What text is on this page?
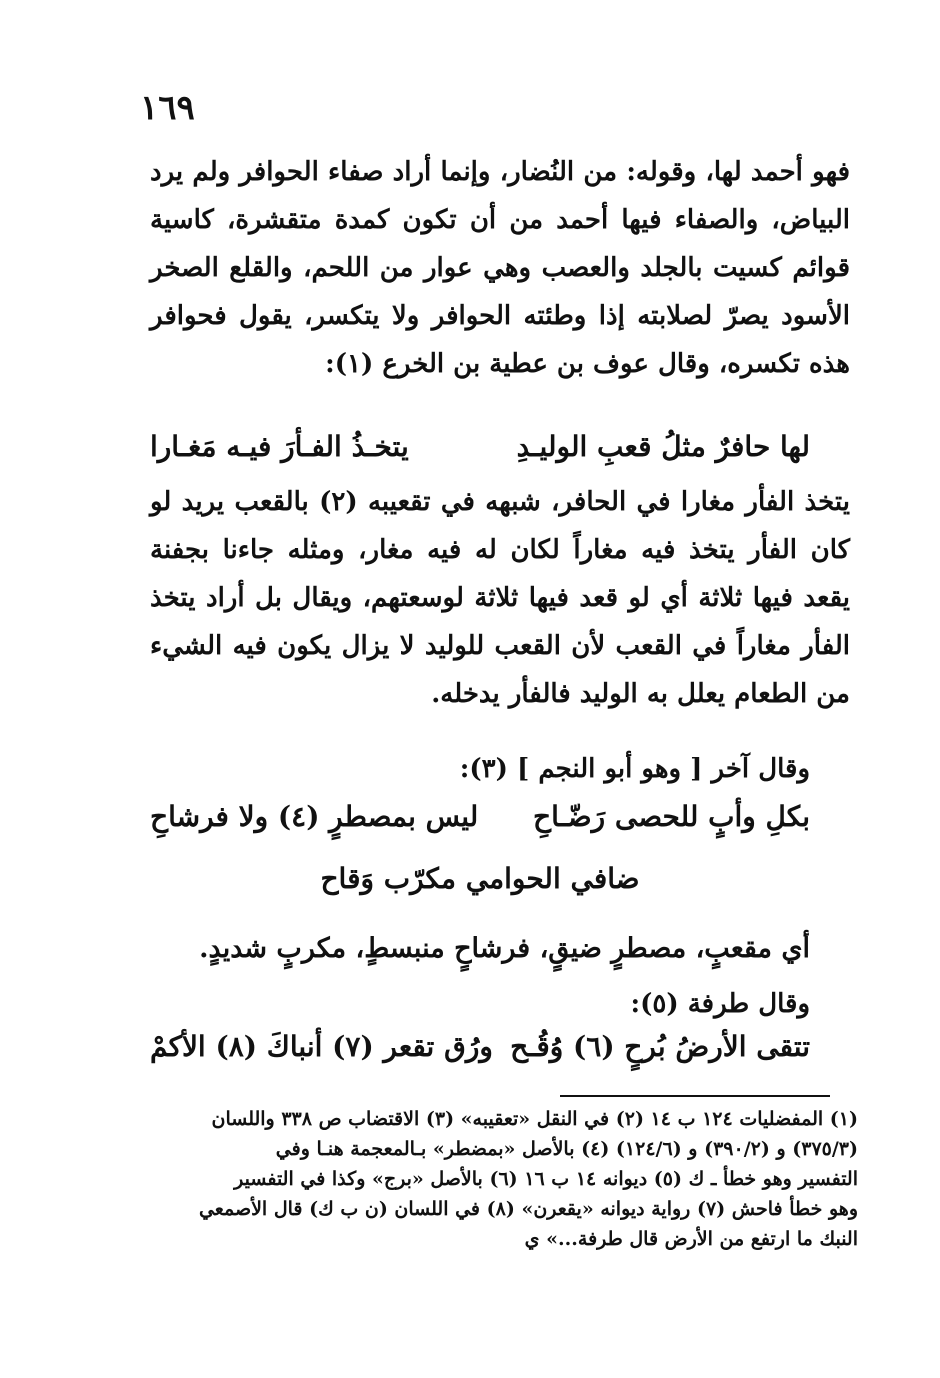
١٦٩
فهو أحمد لها، وقوله: من النُضار، وإنما أراد صفاء الحوافر ولم يرد البياض، والصفاء فيها أحمد من أن تكون كمدة متقشرة، كاسية قوائم كسيت بالجلد والعصب وهي عوار من اللحم، والقلع الصخر الأسود يصرّ لصلابته إذا وطئته الحوافر ولا يتكسر، يقول فحوافر هذه تكسره، وقال عوف بن عطية بن الخرع (١):
لها حافرٌ مثلُ قعبِ الوليـدِ
يتخـذُ الفـأرَ فيـه مَغـارا
يتخذ الفأر مغارا في الحافر، شبهه في تقعيبه (٢) بالقعب يريد لو كان الفأر يتخذ فيه مغاراً لكان له فيه مغار، ومثله جاءنا بجفنة يقعد فيها ثلاثة أي لو قعد فيها ثلاثة لوسعتهم، ويقال بل أراد يتخذ الفأر مغاراً في القعب لأن القعب للوليد لا يزال يكون فيه الشيء من الطعام يعلل به الوليد فالفأر يدخله.
وقال آخر [ وهو أبو النجم ] (٣):
بكلِ وأبٍ للحصى رَضّـاحِ
ليس بمصطرٍ (٤) ولا فرشاحِ
ضافي الحوامي مكرّب وَقاح
أي مقعبٍ، مصطرٍ ضيقٍ، فرشاحٍ منبسطٍ، مكربٍ شديدٍ.
وقال طرفة (٥):
تتقى الأرضُ بُرحٍ (٦) وُقُـح
ورُق تقعر (٧) أنباكَ (٨) الأكمْ
(١) المفضليات ١٢٤ ب ١٤ (٢) في النقل «تعقيبه» (٣) الاقتضاب ص ٣٣٨ واللسان
(٣٧٥/٣) و (٣٩٠/٢) و (١٢٤/٦) (٤) بالأصل «بمضطر» بـالمعجمة هنـا وفي
التفسير وهو خطأ ـ ك (٥) ديوانه ١٤ ب ١٦ (٦) بالأصل «برج» وكذا في التفسير
وهو خطأ فاحش (٧) رواية ديوانه «يقعرن» (٨) في اللسان (ن ب ك) قال الأصمعي
النبك ما ارتفع من الأرض قال طرفة...» ي
